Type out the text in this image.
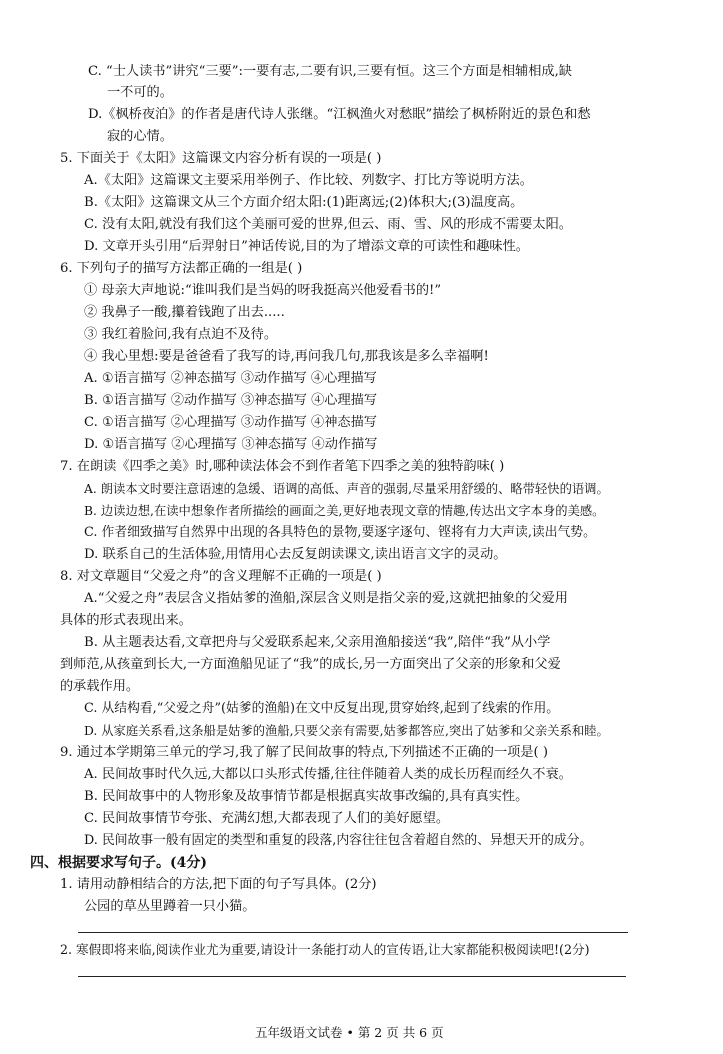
C. “士人读书”讲究“三要”:一要有志,二要有识,三要有恒。这三个方面是相辅相成,缺
一不可的。
D.《枫桥夜泊》的作者是唐代诗人张继。“江枫渔火对愁眠”描绘了枫桥附近的景色和愁
寂的心情。
5. 下面关于《太阳》这篇课文内容分析有误的一项是( )
A.《太阳》这篇课文主要采用举例子、作比较、列数字、打比方等说明方法。
B.《太阳》这篇课文从三个方面介绍太阳:(1)距离远;(2)体积大;(3)温度高。
C. 没有太阳,就没有我们这个美丽可爱的世界,但云、雨、雪、风的形成不需要太阳。
D. 文章开头引用“后羿射日”神话传说,目的为了增添文章的可读性和趣味性。
6. 下列句子的描写方法都正确的一组是( )
① 母亲大声地说:“谁叫我们是当妈的呀我挺高兴他爱看书的!”
② 我鼻子一酸,攥着钱跑了出去.....
③ 我红着脸问,我有点迫不及待。
④ 我心里想:要是爸爸看了我写的诗,再问我几句,那我该是多么幸福啊!
A. ①语言描写 ②神态描写 ③动作描写 ④心理描写
B. ①语言描写 ②动作描写 ③神态描写 ④心理描写
C. ①语言描写 ②心理描写 ③动作描写 ④神态描写
D. ①语言描写 ②心理描写 ③神态描写 ④动作描写
7. 在朗读《四季之美》时,哪种读法体会不到作者笔下四季之美的独特韵味( )
A. 朗读本文时要注意语速的急缓、语调的高低、声音的强弱,尽量采用舒缓的、略带轻快的语调。
B. 边读边想,在读中想象作者所描绘的画面之美,更好地表现文章的情趣,传达出文字本身的美感。
C. 作者细致描写自然界中出现的各具特色的景物,要逐字逐句、铿将有力大声读,读出气势。
D. 联系自己的生活体验,用情用心去反复朗读课文,读出语言文字的灵动。
8. 对文章题目“父爱之舟”的含义理解不正确的一项是( )
A.“父爱之舟”表层含义指姑爹的渔船,深层含义则是指父亲的爱,这就把抽象的父爱用
具体的形式表现出来。
B. 从主题表达看,文章把舟与父爱联系起来,父亲用渔船接送“我”,陪伴“我”从小学
到师范,从孩童到长大,一方面渔船见证了“我”的成长,另一方面突出了父亲的形象和父爱
的承载作用。
C. 从结构看,“父爱之舟”(姑爹的渔船)在文中反复出现,贯穿始终,起到了线索的作用。
D. 从家庭关系看,这条船是姑爹的渔船,只要父亲有需要,姑爹都答应,突出了姑爹和父亲关系和睦。
9. 通过本学期第三单元的学习,我了解了民间故事的特点,下列描述不正确的一项是( )
A. 民间故事时代久远,大都以口头形式传播,往往伴随着人类的成长历程而经久不衰。
B. 民间故事中的人物形象及故事情节都是根据真实故事改编的,具有真实性。
C. 民间故事情节夸张、充满幻想,大都表现了人们的美好愿望。
D. 民间故事一般有固定的类型和重复的段落,内容往往包含着超自然的、异想天开的成分。
四、根据要求写句子。(4分)
1. 请用动静相结合的方法,把下面的句子写具体。(2分)
公园的草丛里蹲着一只小猫。
2. 寒假即将来临,阅读作业尤为重要,请设计一条能打动人的宣传语,让大家都能积极阅读吧!(2分)
五年级语文试卷 • 第 2 页 共 6 页
